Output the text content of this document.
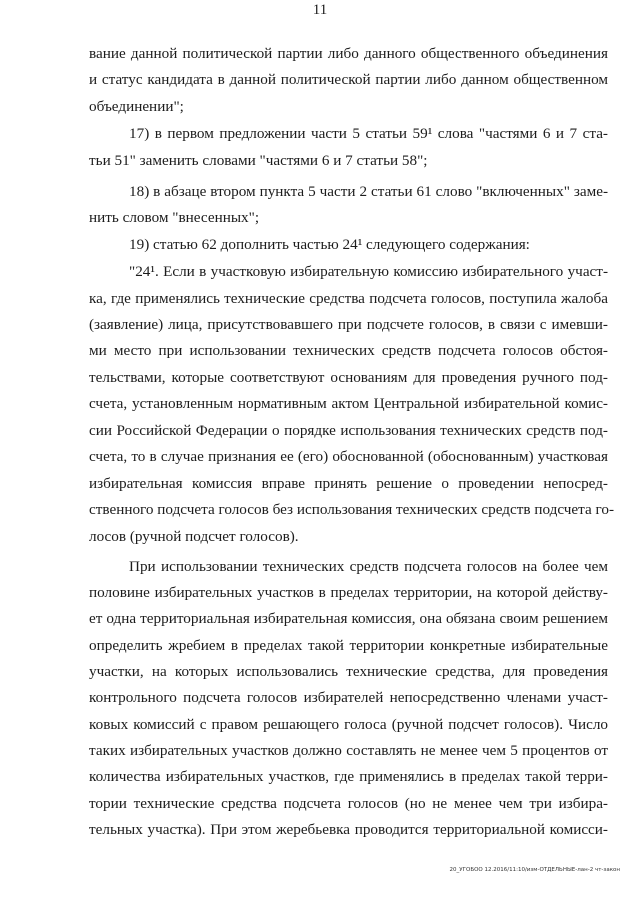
11
вание данной политической партии либо данного общественного объединения
и статус кандидата в данной политической партии либо данном общественном
объединении";
17) в первом предложении части 5 статьи 59¹ слова "частями 6 и 7 ста-
тьи 51" заменить словами "частями 6 и 7 статьи 58";
18) в абзаце втором пункта 5 части 2 статьи 61 слово "включенных" заме-
нить словом "внесенных";
19) статью 62 дополнить частью 24¹ следующего содержания:
"24¹. Если в участковую избирательную комиссию избирательного участ-
ка, где применялись технические средства подсчета голосов, поступила жалоба
(заявление) лица, присутствовавшего при подсчете голосов, в связи с имевши-
ми место при использовании технических средств подсчета голосов обстоя-
тельствами, которые соответствуют основаниям для проведения ручного под-
счета, установленным нормативным актом Центральной избирательной комис-
сии Российской Федерации о порядке использования технических средств под-
счета, то в случае признания ее (его) обоснованной (обоснованным) участковая
избирательная комиссия вправе принять решение о проведении непосред-
ственного подсчета голосов без использования технических средств подсчета го-
лосов (ручной подсчет голосов).
При использовании технических средств подсчета голосов на более чем
половине избирательных участков в пределах территории, на которой действу-
ет одна территориальная избирательная комиссия, она обязана своим решением
определить жребием в пределах такой территории конкретные избирательные
участки, на которых использовались технические средства, для проведения
контрольного подсчета голосов избирателей непосредственно членами участ-
ковых комиссий с правом решающего голоса (ручной подсчет голосов). Число
таких избирательных участков должно составлять не менее чем 5 процентов от
количества избирательных участков, где применялись в пределах такой терри-
тории технические средства подсчета голосов (но не менее чем три избира-
тельных участка). При этом жеребьевка проводится территориальной комисси-
20_УГОБОО 12.2016/11:10/изм-ОТДЕЛЬНЫЕ-лан-2 чт-закон
